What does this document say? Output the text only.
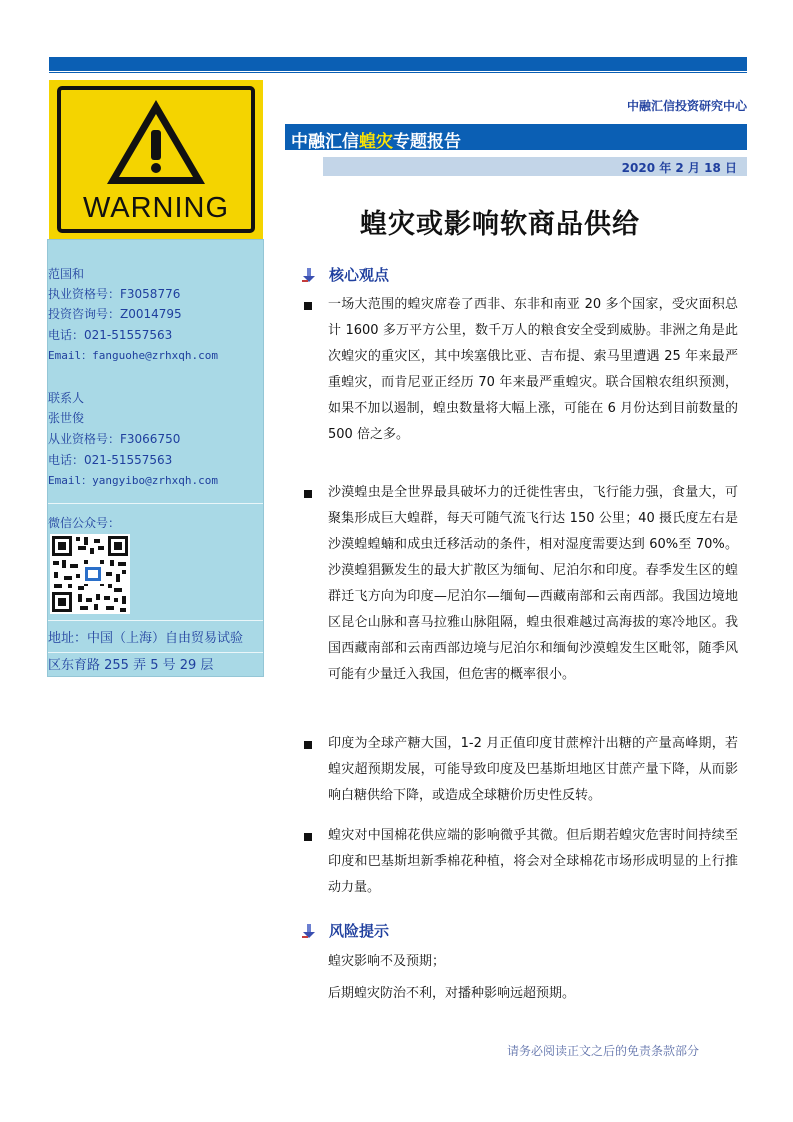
WARNING
范国和
执业资格号：F3058776
投资咨询号：Z0014795
电话：021-51557563
Email：fanguohe@zrhxqh.com
联系人
张世俊
从业资格号：F3066750
电话：021-51557563
Email：yangyibo@zrhxqh.com
微信公众号：
地址：中国（上海）自由贸易试验
区东育路 255 弄 5 号 29 层
中融汇信投资研究中心
中融汇信蝗灾专题报告
2020 年 2 月 18 日
蝗灾或影响软商品供给
核心观点
一场大范围的蝗灾席卷了西非、东非和南亚 20 多个国家，受灾面积总计 1600 多万平方公里，数千万人的粮食安全受到威胁。非洲之角是此次蝗灾的重灾区，其中埃塞俄比亚、吉布提、索马里遭遇 25 年来最严重蝗灾，而肯尼亚正经历 70 年来最严重蝗灾。联合国粮农组织预测，如果不加以遏制，蝗虫数量将大幅上涨，可能在 6 月份达到目前数量的 500 倍之多。
沙漠蝗虫是全世界最具破坏力的迁徙性害虫，飞行能力强，食量大，可聚集形成巨大蝗群，每天可随气流飞行达 150 公里；40 摄氏度左右是沙漠蝗蝗蝻和成虫迁移活动的条件，相对湿度需要达到 60%至 70%。沙漠蝗猖獗发生的最大扩散区为缅甸、尼泊尔和印度。春季发生区的蝗群迁飞方向为印度—尼泊尔—缅甸—西藏南部和云南西部。我国边境地区昆仑山脉和喜马拉雅山脉阻隔，蝗虫很难越过高海拔的寒冷地区。我国西藏南部和云南西部边境与尼泊尔和缅甸沙漠蝗发生区毗邻，随季风可能有少量迁入我国，但危害的概率很小。
印度为全球产糖大国，1-2 月正值印度甘蔗榨汁出糖的产量高峰期，若蝗灾超预期发展，可能导致印度及巴基斯坦地区甘蔗产量下降，从而影响白糖供给下降，或造成全球糖价历史性反转。
蝗灾对中国棉花供应端的影响微乎其微。但后期若蝗灾危害时间持续至印度和巴基斯坦新季棉花种植，将会对全球棉花市场形成明显的上行推动力量。
风险提示
蝗灾影响不及预期；
后期蝗灾防治不利，对播种影响远超预期。
请务必阅读正文之后的免责条款部分
